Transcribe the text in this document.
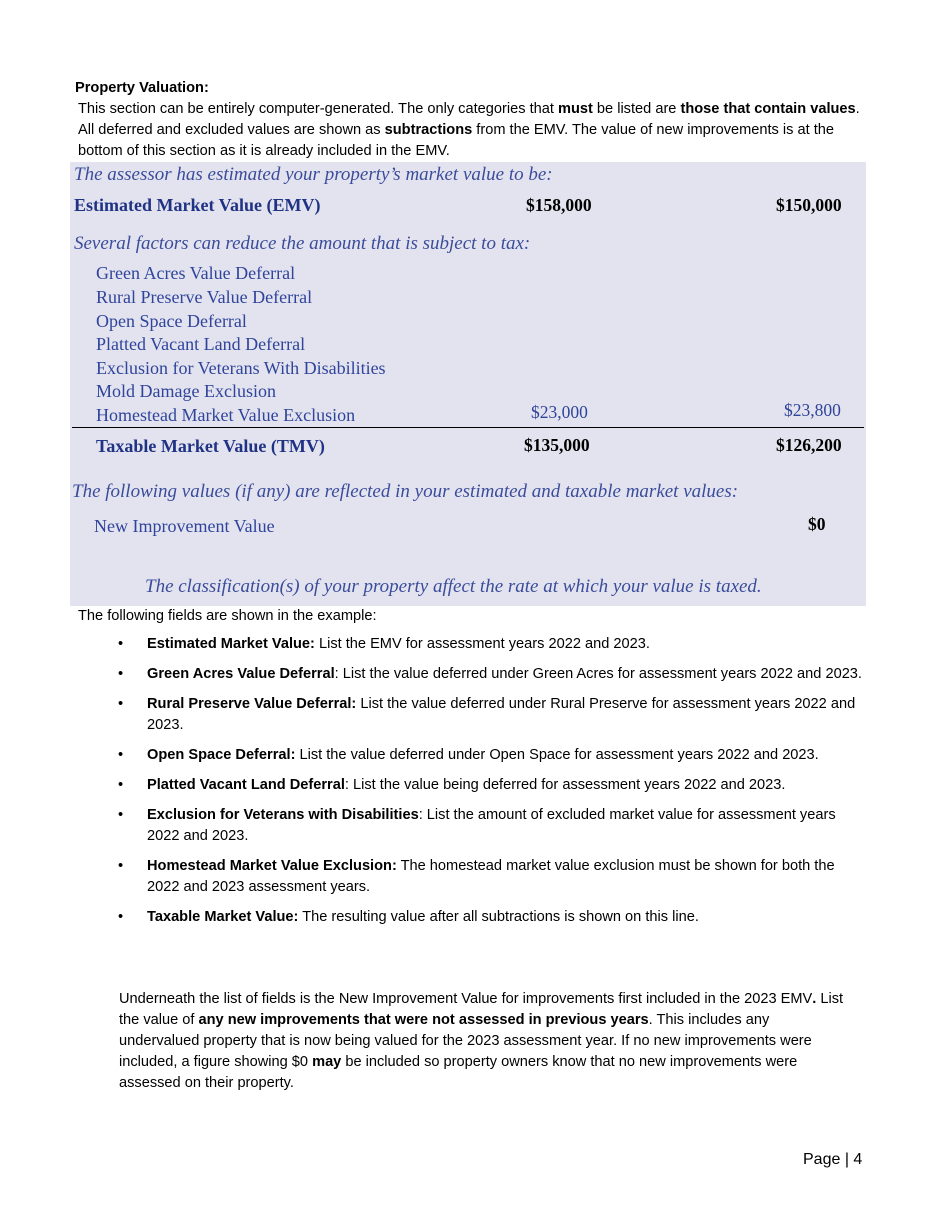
Property Valuation:
This section can be entirely computer-generated. The only categories that must be listed are those that contain values. All deferred and excluded values are shown as subtractions from the EMV. The value of new improvements is at the bottom of this section as it is already included in the EMV.
The assessor has estimated your property’s market value to be:
Estimated Market Value (EMV)	$158,000	$150,000
Several factors can reduce the amount that is subject to tax:
Green Acres Value Deferral
Rural Preserve Value Deferral
Open Space Deferral
Platted Vacant Land Deferral
Exclusion for Veterans With Disabilities
Mold Damage Exclusion
Homestead Market Value Exclusion	$23,000	$23,800
Taxable Market Value (TMV)	$135,000	$126,200
The following values (if any) are reflected in your estimated and taxable market values:
New Improvement Value	$0
The classification(s) of your property affect the rate at which your value is taxed.
The following fields are shown in the example:
• Estimated Market Value: List the EMV for assessment years 2022 and 2023.
• Green Acres Value Deferral: List the value deferred under Green Acres for assessment years 2022 and 2023.
• Rural Preserve Value Deferral: List the value deferred under Rural Preserve for assessment years 2022 and 2023.
• Open Space Deferral: List the value deferred under Open Space for assessment years 2022 and 2023.
• Platted Vacant Land Deferral: List the value being deferred for assessment years 2022 and 2023.
• Exclusion for Veterans with Disabilities: List the amount of excluded market value for assessment years 2022 and 2023.
• Homestead Market Value Exclusion: The homestead market value exclusion must be shown for both the 2022 and 2023 assessment years.
• Taxable Market Value: The resulting value after all subtractions is shown on this line.
Underneath the list of fields is the New Improvement Value for improvements first included in the 2023 EMV. List the value of any new improvements that were not assessed in previous years. This includes any undervalued property that is now being valued for the 2023 assessment year. If no new improvements were included, a figure showing $0 may be included so property owners know that no new improvements were assessed on their property.
Page | 4
